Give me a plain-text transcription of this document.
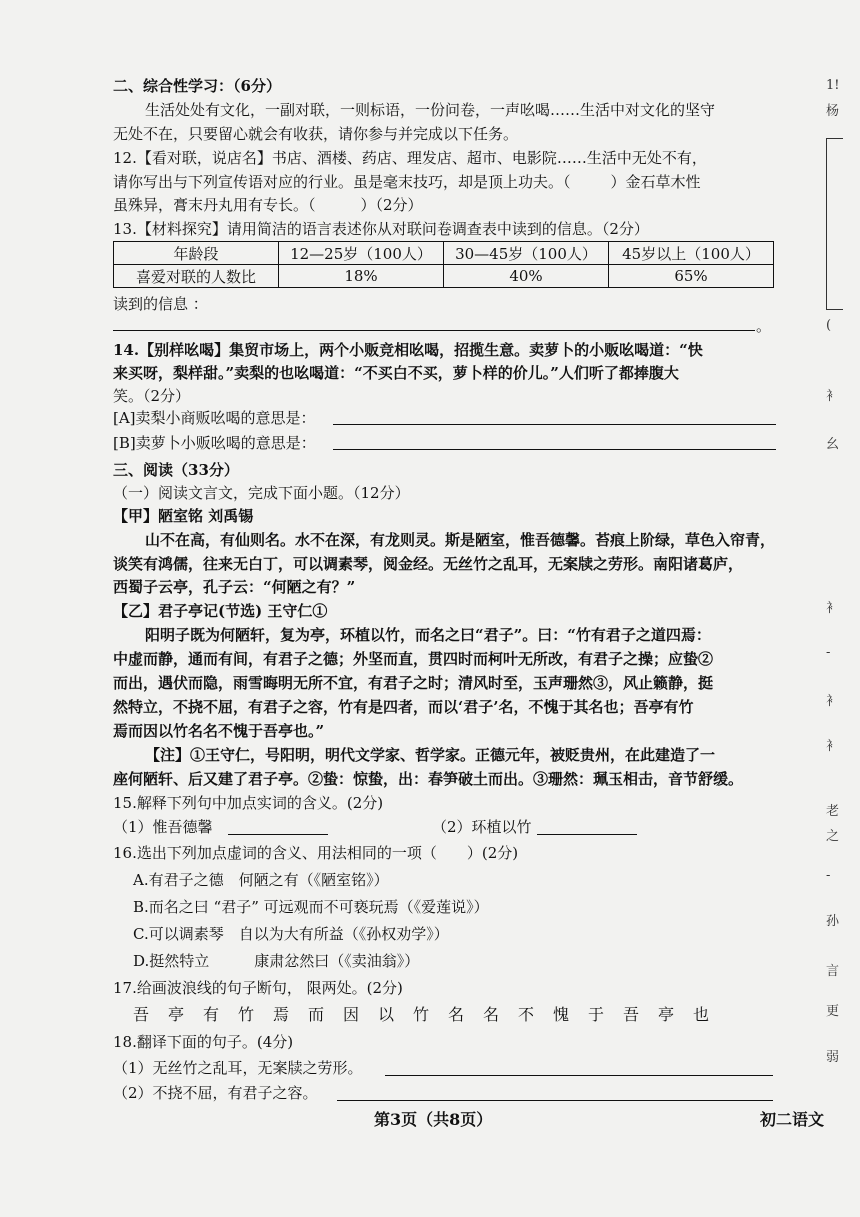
二、综合性学习：（6分）
生活处处有文化，一副对联，一则标语，一份问卷，一声吆喝……生活中对文化的坚守
无处不在，只要留心就会有收获，请你参与并完成以下任务。
12.【看对联，说店名】书店、酒楼、药店、理发店、超市、电影院……生活中无处不有，
请你写出与下列宣传语对应的行业。虽是毫末技巧，却是顶上功夫。（	）金石草木性
虽殊异，膏末丹丸用有专长。（　　　）（2分）
13.【材料探究】请用简洁的语言表述你从对联问卷调查表中读到的信息。（2分）
年龄段	12—25岁（100人）	30—45岁（100人）	45岁以上（100人）
喜爱对联的人数比	18%	40%	65%
读到的信息 ：
。
14.【别样吆喝】集贸市场上，两个小贩竞相吆喝，招揽生意。卖萝卜的小贩吆喝道：“快
来买呀，梨样甜。”卖梨的也吆喝道：“不买白不买，萝卜样的价儿。”人们听了都捧腹大
笑。（2分）
[A]卖梨小商贩吆喝的意思是：
[B]卖萝卜小贩吆喝的意思是：
三、阅读（33分）
（一）阅读文言文，完成下面小题。（12分）
【甲】陋室铭 刘禹锡
山不在高，有仙则名。水不在深，有龙则灵。斯是陋室，惟吾德馨。苔痕上阶绿，草色入帘青，
谈笑有鸿儒，往来无白丁，可以调素琴，阅金经。无丝竹之乱耳，无案牍之劳形。南阳诸葛庐，
西蜀子云亭，孔子云：“何陋之有？”
【乙】君子亭记(节选) 王守仁①
阳明子既为何陋轩，复为亭，环植以竹，而名之曰“君子”。曰：“竹有君子之道四焉：
中虚而静，通而有间，有君子之德；外坚而直，贯四时而柯叶无所改，有君子之操；应蛰②
而出，遇伏而隐，雨雪晦明无所不宜，有君子之时；清风时至，玉声珊然③，风止籁静，挺
然特立，不挠不屈，有君子之容，竹有是四者，而以‘君子’名，不愧于其名也；吾亭有竹
焉而因以竹名名不愧于吾亭也。”
【注】①王守仁，号阳明，明代文学家、哲学家。正德元年，被贬贵州，在此建造了一
座何陋轩、后又建了君子亭。②蛰：惊蛰，出：春笋破土而出。③珊然：珮玉相击，音节舒缓。
15.解释下列句中加点实词的含义。(2分)
（1）惟吾德馨	（2）环植以竹
16.选出下列加点虚词的含义、用法相同的一项（　　）(2分)
A.有君子之德　何陋之有（《陋室铭》）
B.而名之曰 “君子” 可远观而不可亵玩焉（《爱莲说》）
C.可以调素琴　自以为大有所益（《孙权劝学》）
D.挺然特立　　　康肃忿然曰（《卖油翁》）
17.给画波浪线的句子断句， 限两处。(2分)
吾亭有竹焉而因以竹名名不愧于吾亭也
18.翻译下面的句子。(4分)
（1）无丝竹之乱耳，无案牍之劳形。
（2）不挠不屈，有君子之容。
第3页（共8页）	初二语文
1!
杨
(
衤
幺
衤
-
衤
衤
老
之
-
孙
言
更
弱
